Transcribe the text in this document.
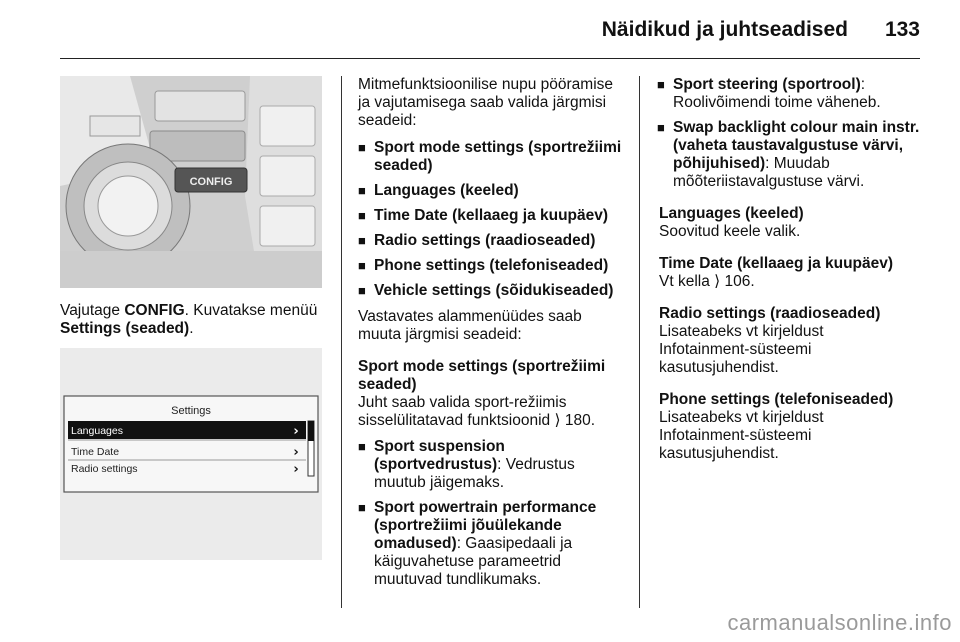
Näidikud ja juhtseadised 133
CONFIG

Vajutage CONFIG. Kuvatakse menüü Settings (seaded).

Settings
Languages	›
Time Date	›
Radio settings	›

Mitmefunktsioonilise nupu pööramise ja vajutamisega saab valida järgmisi seadeid:

■ Sport mode settings (sportrežiimi seaded)
■ Languages (keeled)
■ Time Date (kellaaeg ja kuupäev)
■ Radio settings (raadioseaded)
■ Phone settings (telefoniseaded)
■ Vehicle settings (sõidukiseaded)

Vastavates alammenüüdes saab muuta järgmisi seadeid:

Sport mode settings (sportrežiimi seaded)

Juht saab valida sport-režiimis sisselülitatavad funktsioonid ⟩ 180.

■ Sport suspension (sportvedrustus): Vedrustus muutub jäigemaks.
■ Sport powertrain performance (sportrežiimi jõuülekande omadused): Gaasipedaali ja käiguvahetuse parameetrid muutuvad tundlikumaks.
■ Sport steering (sportrool): Roolivõimendi toime väheneb.
■ Swap backlight colour main instr. (vaheta taustavalgustuse värvi, põhijuhised): Muudab mõõteriistavalgustuse värvi.

Languages (keeled)

Soovitud keele valik.

Time Date (kellaaeg ja kuupäev)

Vt kella ⟩ 106.

Radio settings (raadioseaded)

Lisateabeks vt kirjeldust Infotainment-süsteemi kasutusjuhendist.

Phone settings (telefoniseaded)

Lisateabeks vt kirjeldust Infotainment-süsteemi kasutusjuhendist.

carmanualsonline.info
